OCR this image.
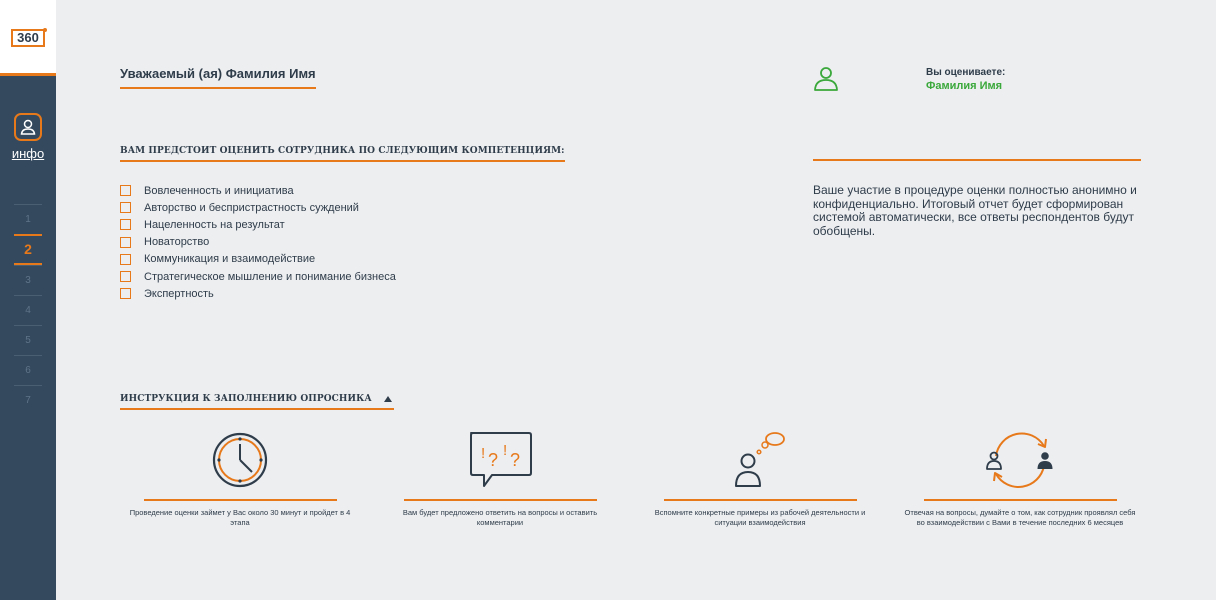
360
инфо
1
2
3
4
5
6
7
Уважаемый (ая) Фамилия Имя	Вы оцениваете:
Фамилия Имя
Ваше участие в процедуре оценки полностью анонимно и конфиденциально. Итоговый отчет будет сформирован системой автоматически, все ответы респондентов будут обобщены.
ВАМ ПРЕДСТОИТ ОЦЕНИТЬ СОТРУДНИКА ПО СЛЕДУЮЩИМ КОМПЕТЕНЦИЯМ:
Вовлеченность и инициатива
Авторство и беспристрастность суждений
Нацеленность на результат
Новаторство
Коммуникация и взаимодействие
Стратегическое мышление и понимание бизнеса
Экспертность
ИНСТРУКЦИЯ К ЗАПОЛНЕНИЮ ОПРОСНИКА
Проведение оценки займет у Вас около 30 минут и пройдет в 4 этапа
! ? ! ?
Вам будет предложено ответить на вопросы и оставить комментарии
Вспомните конкретные примеры из рабочей деятельности и ситуации взаимодействия
Отвечая на вопросы, думайте о том, как сотрудник проявлял себя во взаимодействии с Вами в течение последних 6 месяцев
